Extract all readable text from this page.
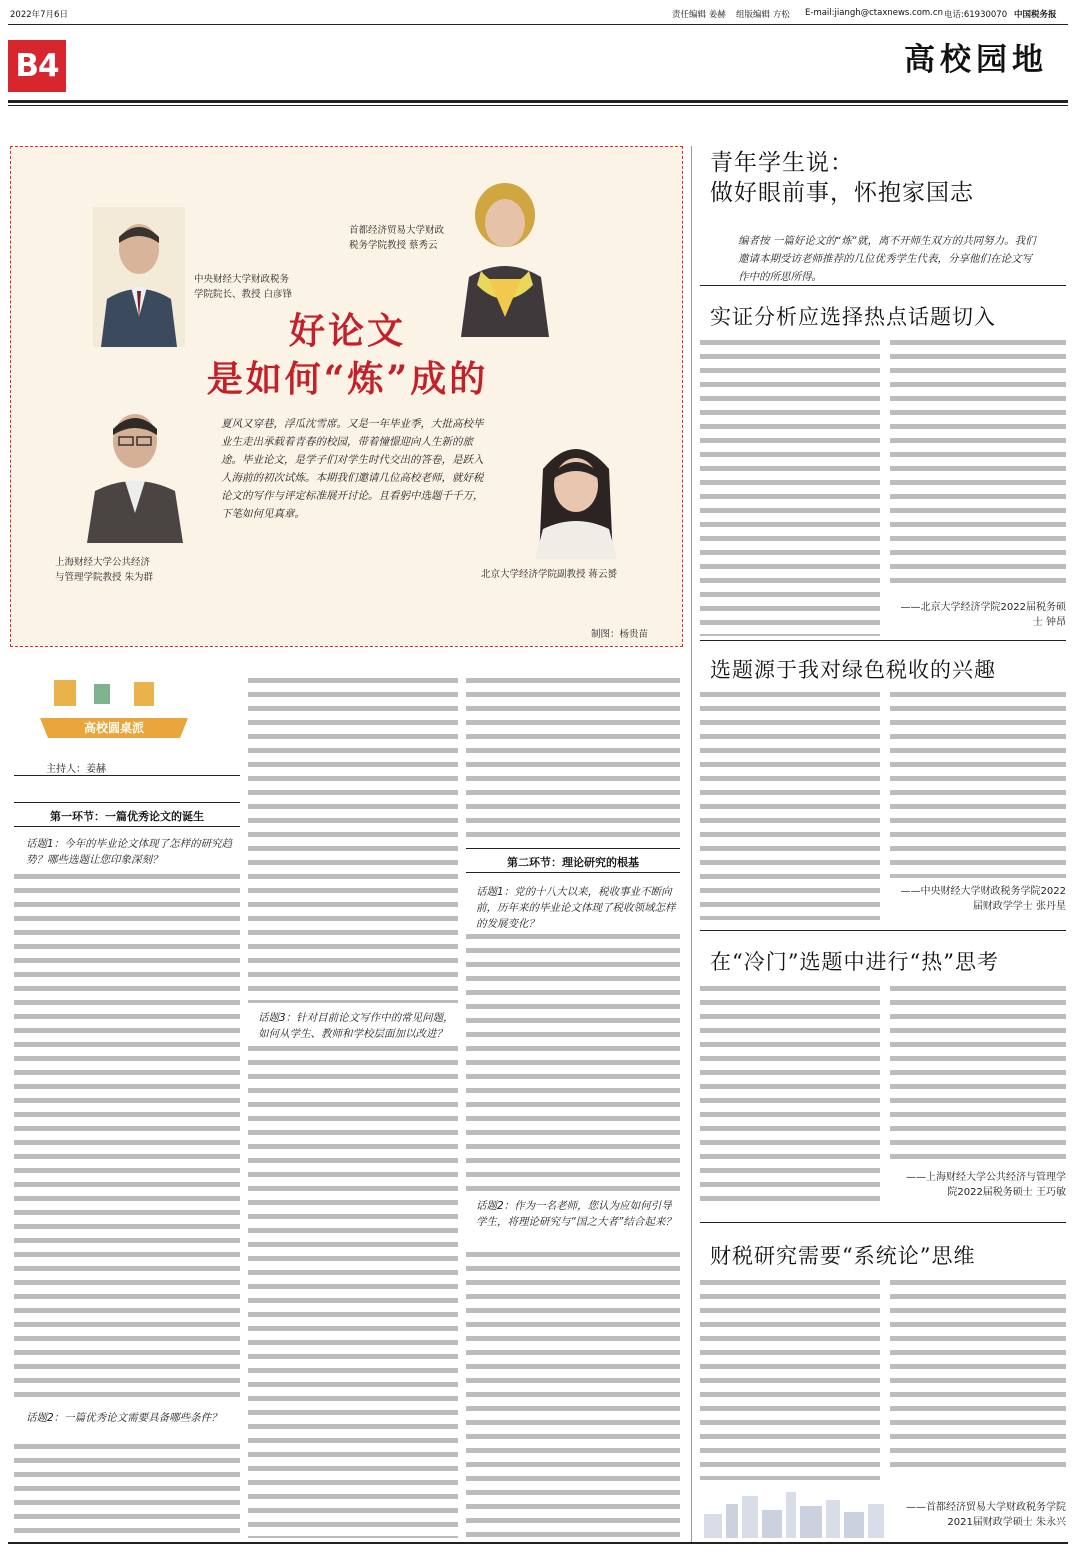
2022年7月6日	责任编辑 姜赫 组版编辑 方松 E-mail:jiangh@ctaxnews.com.cn 电话:61930070 中国税务报
B4	高校园地
中央财经大学财政税务
学院院长、教授 白彦锋
首都经济贸易大学财政
税务学院教授 蔡秀云
好论文
是如何“炼”成的
上海财经大学公共经济
与管理学院教授 朱为群
夏风又穿巷，浮瓜沈雪席。又是一年毕业季，大批高校毕业生走出承载着青春的校园，带着憧憬迎向人生新的旅途。毕业论文，是学子们对学生时代交出的答卷，是跃入人海前的初次试炼。本期我们邀请几位高校老师，就好税论文的写作与评定标准展开讨论。且看躬中选题千千万，下笔如何见真章。
北京大学经济学院副教授 蒋云赟
制图：杨贵苗
高校圆桌派
主持人：姜赫
第一环节：一篇优秀论文的诞生
话题1：今年的毕业论文体现了怎样的研究趋势？哪些选题让您印象深刻？
话题2：一篇优秀论文需要具备哪些条件？
话题3：针对目前论文写作中的常见问题，如何从学生、教师和学校层面加以改进？
第二环节：理论研究的根基
话题1：党的十八大以来，税收事业不断向前，历年来的毕业论文体现了税收领域怎样的发展变化？
话题2：作为一名老师，您认为应如何引导学生，将理论研究与“国之大者”结合起来？
青年学生说：
做好眼前事，怀抱家国志
编者按 一篇好论文的“炼”就，离不开师生双方的共同努力。我们邀请本期受访老师推荐的几位优秀学生代表，分享他们在论文写作中的所思所得。
实证分析应选择热点话题切入
——北京大学经济学院2022届税务硕士 钟昂
选题源于我对绿色税收的兴趣
——中央财经大学财政税务学院2022届财政学学士 张丹星
在“冷门”选题中进行“热”思考
——上海财经大学公共经济与管理学院2022届税务硕士 王巧敏
财税研究需要“系统论”思维
——首都经济贸易大学财政税务学院2021届财政学硕士 朱永兴
